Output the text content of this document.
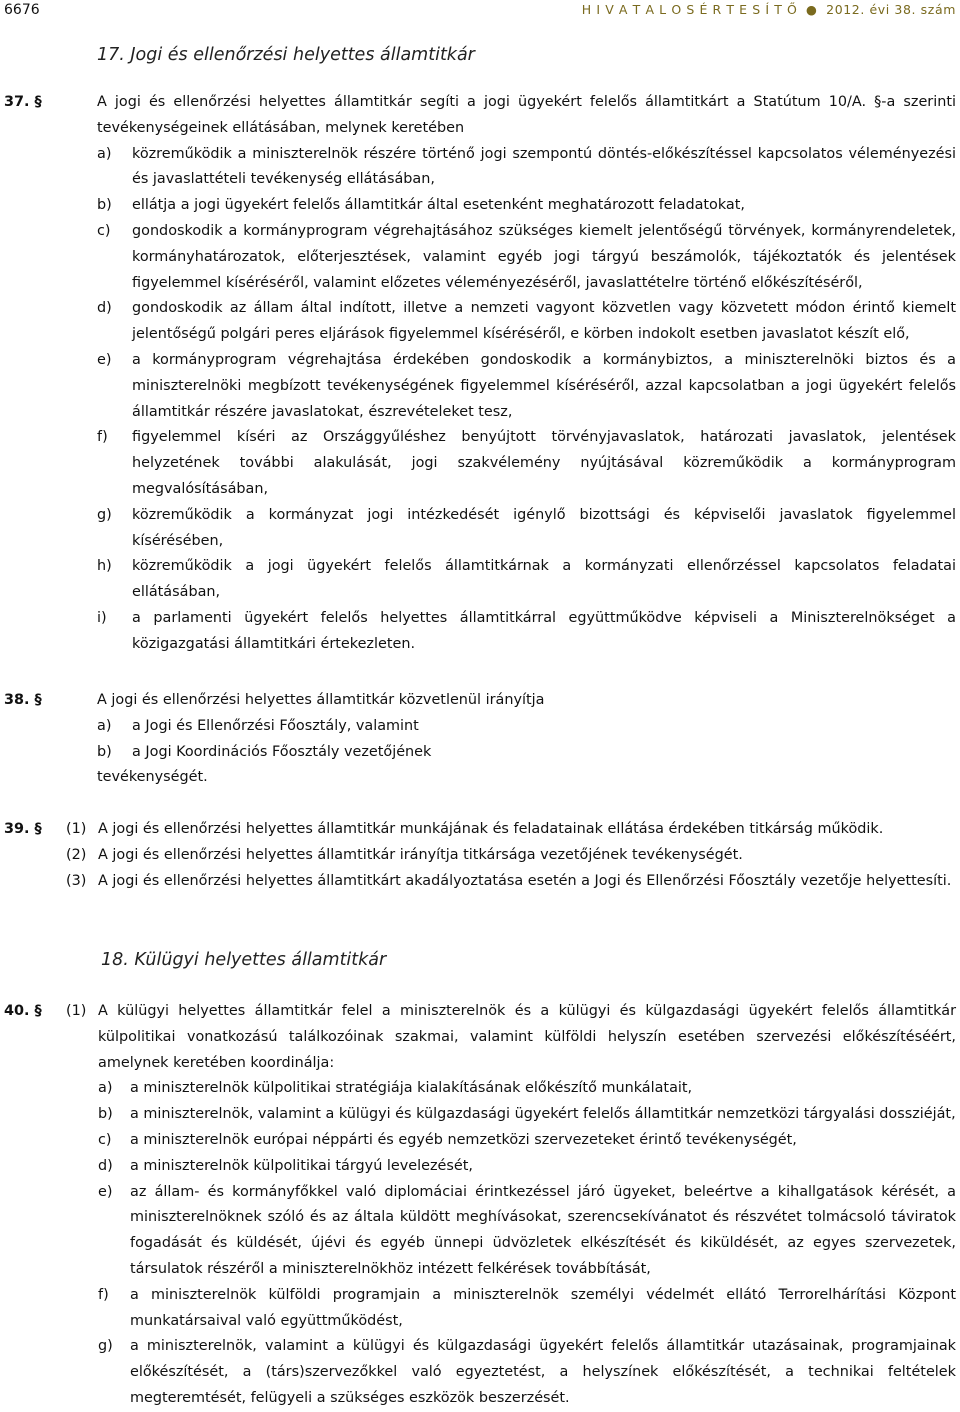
6676	H I V A T A L O S É R T E S Í T Ő ● 2012. évi 38. szám
17. Jogi és ellenőrzési helyettes államtitkár
37. §	A jogi és ellenőrzési helyettes államtitkár segíti a jogi ügyekért felelős államtitkárt a Statútum 10/A. §-a szerinti tevékenységeinek ellátásában, melynek keretében

a)	közreműködik a miniszterelnök részére történő jogi szempontú döntés-előkészítéssel kapcsolatos véleményezési és javaslattételi tevékenység ellátásában,
b)	ellátja a jogi ügyekért felelős államtitkár által esetenként meghatározott feladatokat,
c)	gondoskodik a kormányprogram végrehajtásához szükséges kiemelt jelentőségű törvények, kormányrendeletek, kormányhatározatok, előterjesztések, valamint egyéb jogi tárgyú beszámolók, tájékoztatók és jelentések figyelemmel kíséréséről, valamint előzetes véleményezéséről, javaslattételre történő előkészítéséről,
d)	gondoskodik az állam által indított, illetve a nemzeti vagyont közvetlen vagy közvetett módon érintő kiemelt jelentőségű polgári peres eljárások figyelemmel kíséréséről, e körben indokolt esetben javaslatot készít elő,
e)	a kormányprogram végrehajtása érdekében gondoskodik a kormánybiztos, a miniszterelnöki biztos és a miniszterelnöki megbízott tevékenységének figyelemmel kíséréséről, azzal kapcsolatban a jogi ügyekért felelős államtitkár részére javaslatokat, észrevételeket tesz,
f)	figyelemmel kíséri az Országgyűléshez benyújtott törvényjavaslatok, határozati javaslatok, jelentések helyzetének további alakulását, jogi szakvélemény nyújtásával közreműködik a kormányprogram megvalósításában,
g)	közreműködik a kormányzat jogi intézkedését igénylő bizottsági és képviselői javaslatok figyelemmel kísérésében,
h)	közreműködik a jogi ügyekért felelős államtitkárnak a kormányzati ellenőrzéssel kapcsolatos feladatai ellátásában,
i)	a parlamenti ügyekért felelős helyettes államtitkárral együttműködve képviseli a Miniszterelnökséget a közigazgatási államtitkári értekezleten.
38. §	A jogi és ellenőrzési helyettes államtitkár közvetlenül irányítja

a)	a Jogi és Ellenőrzési Főosztály, valamint
b)	a Jogi Koordinációs Főosztály vezetőjének

tevékenységét.

39. § (1) A jogi és ellenőrzési helyettes államtitkár munkájának és feladatainak ellátása érdekében titkárság működik.
(2) A jogi és ellenőrzési helyettes államtitkár irányítja titkársága vezetőjének tevékenységét.
(3) A jogi és ellenőrzési helyettes államtitkárt akadályoztatása esetén a Jogi és Ellenőrzési Főosztály vezetője helyettesíti.
18. Külügyi helyettes államtitkár
40. § (1) A külügyi helyettes államtitkár felel a miniszterelnök és a külügyi és külgazdasági ügyekért felelős államtitkár külpolitikai vonatkozású találkozóinak szakmai, valamint külföldi helyszín esetében szervezési előkészítéséért, amelynek keretében koordinálja:

a)	a miniszterelnök külpolitikai stratégiája kialakításának előkészítő munkálatait,
b)	a miniszterelnök, valamint a külügyi és külgazdasági ügyekért felelős államtitkár nemzetközi tárgyalási dossziéját,
c)	a miniszterelnök európai néppárti és egyéb nemzetközi szervezeteket érintő tevékenységét,
d)	a miniszterelnök külpolitikai tárgyú levelezését,
e)	az állam- és kormányfőkkel való diplomáciai érintkezéssel járó ügyeket, beleértve a kihallgatások kérését, a miniszterelnöknek szóló és az általa küldött meghívásokat, szerencsekívánatot és részvétet tolmácsoló táviratok fogadását és küldését, újévi és egyéb ünnepi üdvözletek elkészítését és kiküldését, az egyes szervezetek, társulatok részéről a miniszterelnökhöz intézett felkérések továbbítását,
f)	a miniszterelnök külföldi programjain a miniszterelnök személyi védelmét ellátó Terrorelhárítási Központ munkatársaival való együttműködést,
g)	a miniszterelnök, valamint a külügyi és külgazdasági ügyekért felelős államtitkár utazásainak, programjainak előkészítését, a (társ)szervezőkkel való egyeztetést, a helyszínek előkészítését, a technikai feltételek megteremtését, felügyeli a szükséges eszközök beszerzését.
